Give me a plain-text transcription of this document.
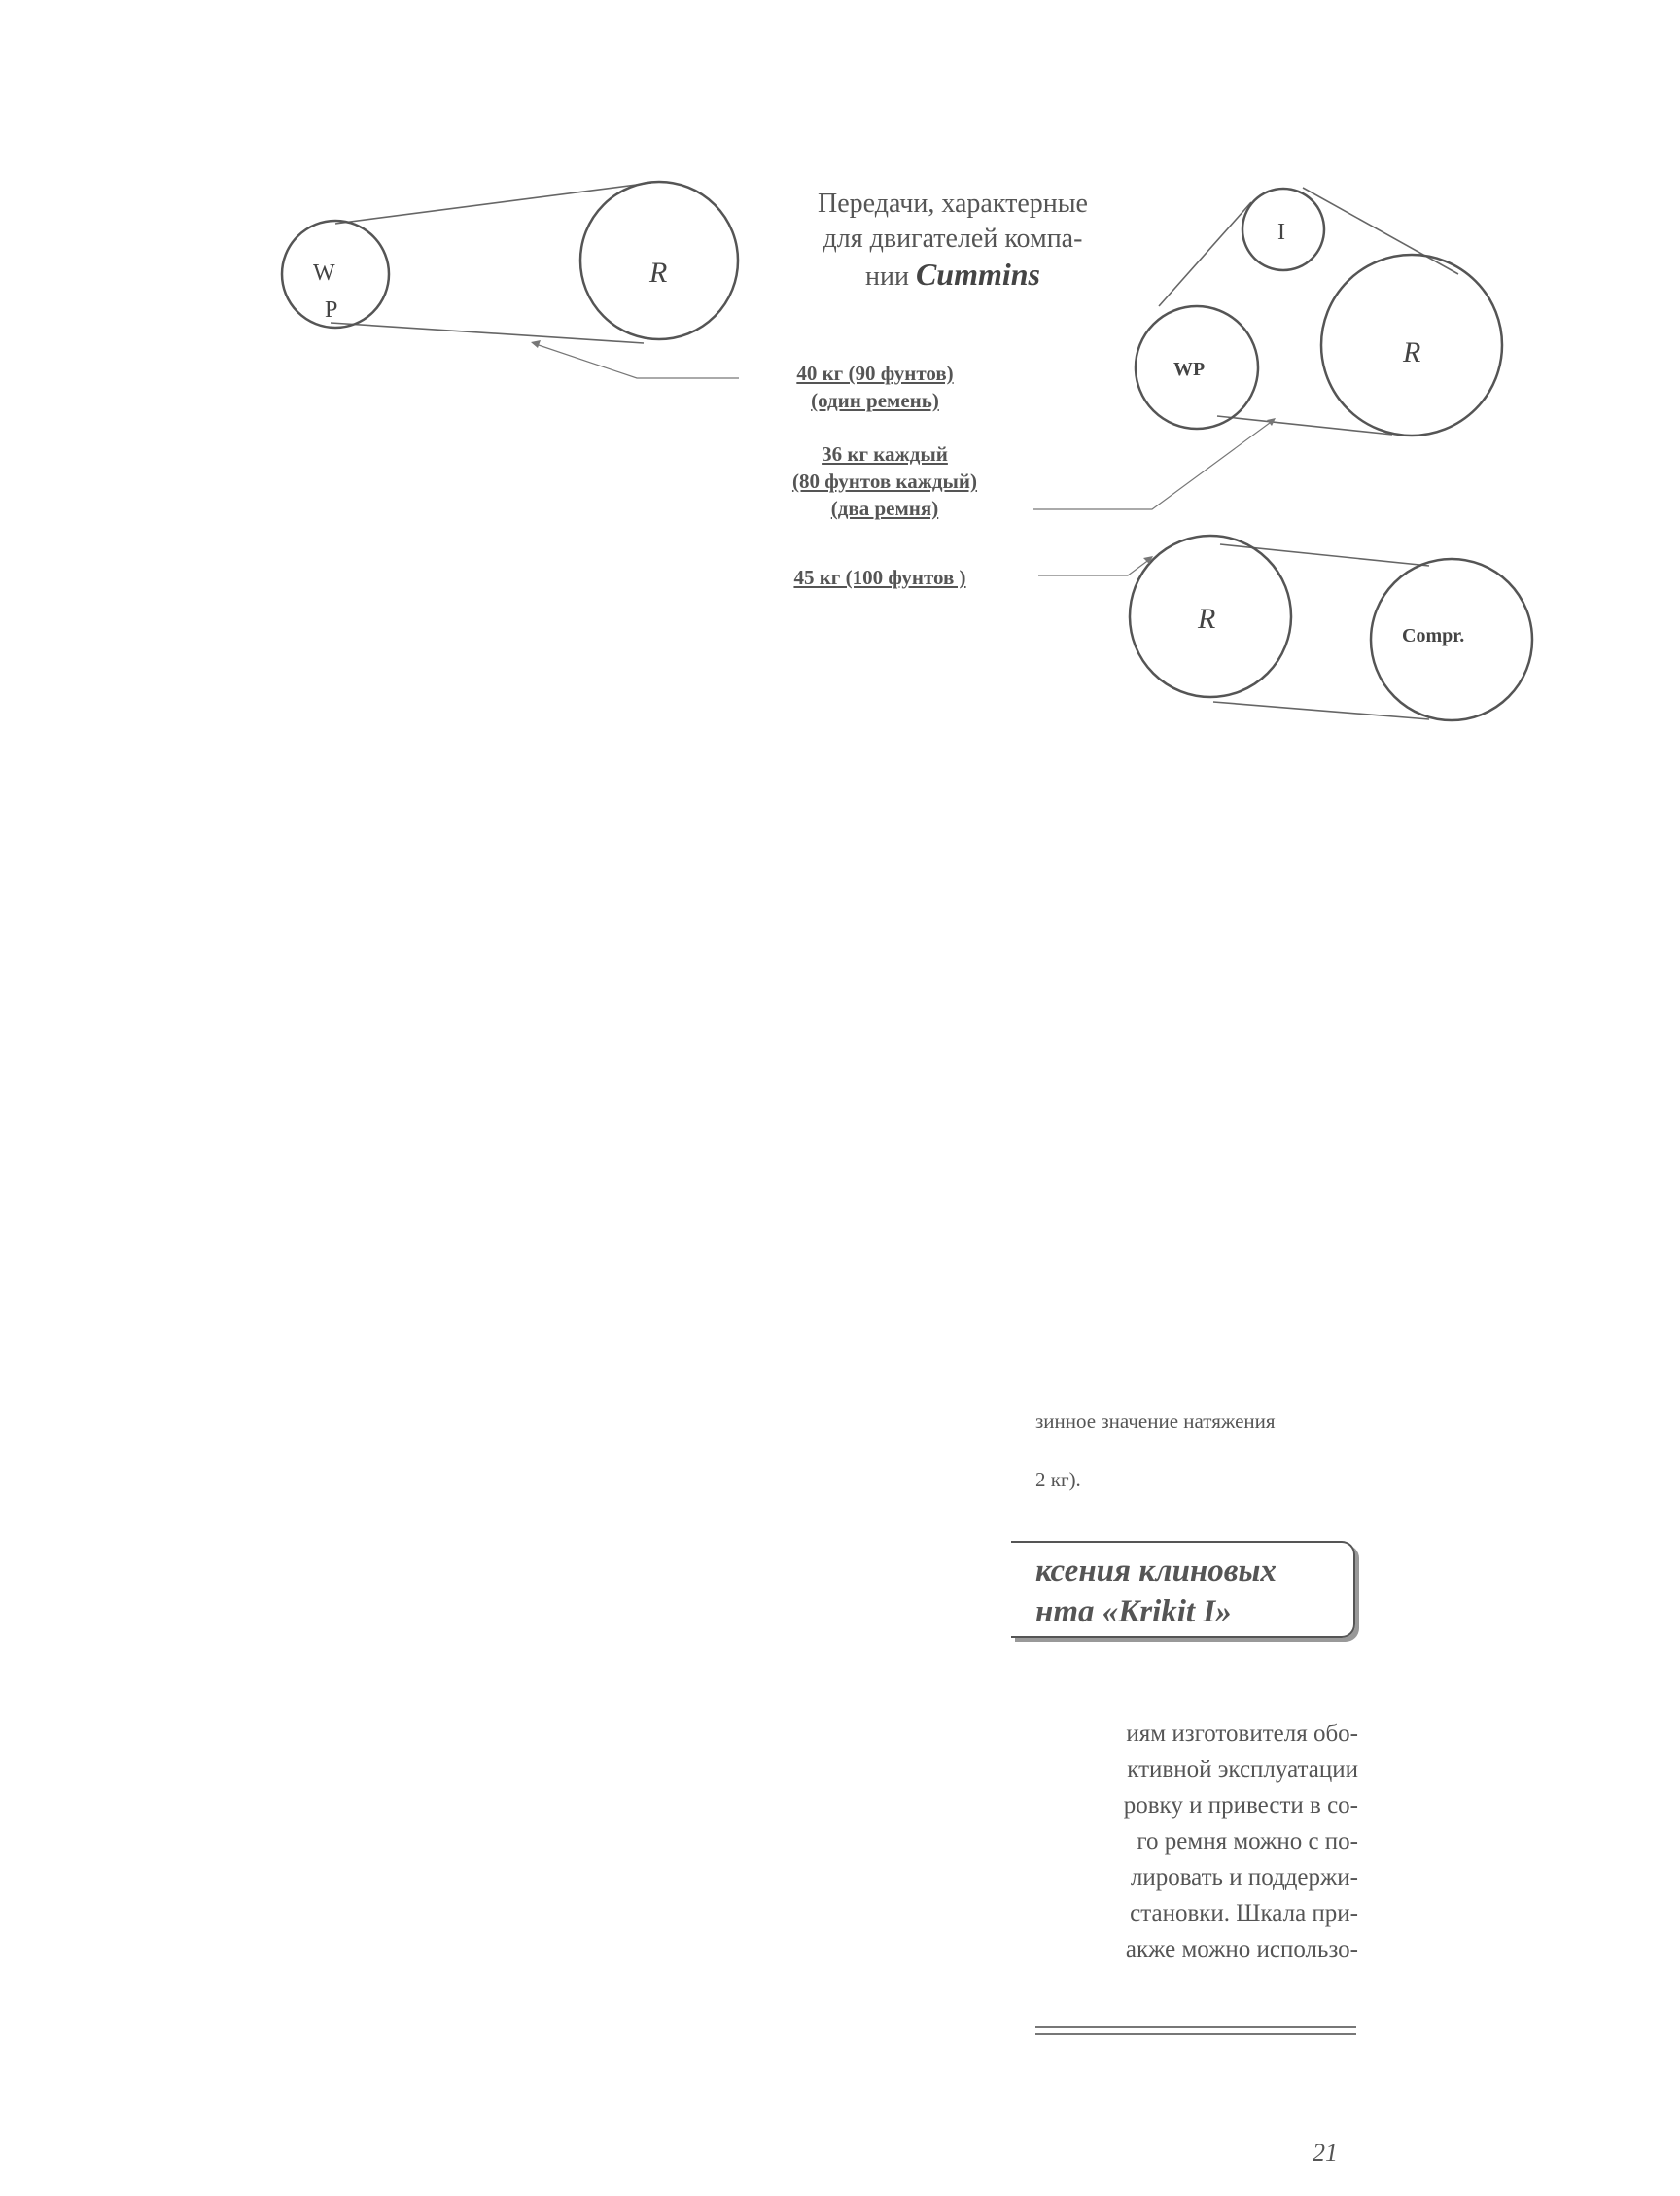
W
P
R
I
WP
R
R
Compr.
Передачи, характерные
для двигателей компа-
нии Cummins
40 кг (90 фунтов)
(один ремень)
36 кг каждый
(80 фунтов каждый)
(два ремня)
45 кг (100 фунтов )

зинное значение натяжения

2 кг).

ксения клиновых

нта «Krikit I»

иям изготовителя обо-
ктивной эксплуатации
ровку и привести в со-
го ремня можно с по-
лировать и поддержи-
становки. Шкала при-
акже можно использо-

21
